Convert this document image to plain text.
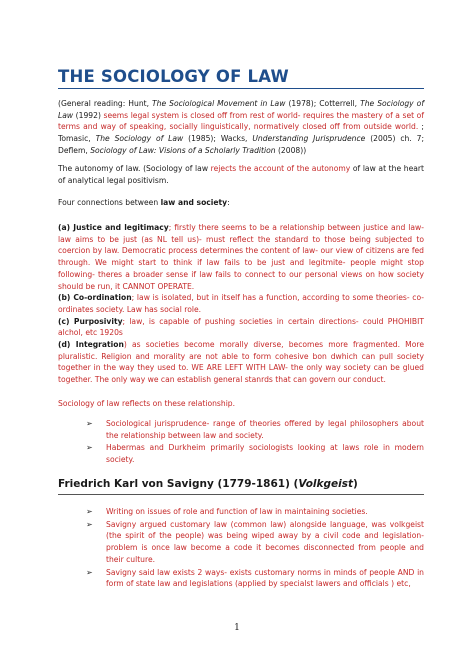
THE SOCIOLOGY OF LAW
(General reading: Hunt, The Sociological Movement in Law (1978); Cotterrell, The Sociology of Law (1992) seems legal system is closed off from rest of world- requires the mastery of a set of terms and way of speaking, socially linguistically, normatively closed off from outside world. ; Tomasic, The Sociology of Law (1985); Wacks, Understanding Jurisprudence (2005) ch. 7; Deflem, Sociology of Law: Visions of a Scholarly Tradition (2008))
The autonomy of law. (Sociology of law rejects the account of the autonomy of law at the heart of analytical legal positivism.
Four connections between law and society:
(a) Justice and legitimacy; firstly there seems to be a relationship between justice and law- law aims to be just (as NL tell us)- must reflect the standard to those being subjected to coercion by law. Democratic process determines the content of law- our view of citizens are fed through. We might start to think if law fails to be just and legitmite- people might stop following- theres a broader sense if law fails to connect to our personal views on how society should be run, it CANNOT OPERATE.
(b) Co-ordination; law is isolated, but in itself has a function, according to some theories- co-ordinates society. Law has social role.
(c) Purposivity; law, is capable of pushing societies in certain directions- could PHOHIBIT alchol, etc 1920s
(d) Integration) as societies become morally diverse, becomes more fragmented. More pluralistic. Religion and morality are not able to form cohesive bon dwhich can pull society together in the way they used to. WE ARE LEFT WITH LAW- the only way society can be glued together. The only way we can establish general stanrds that can govern our conduct.
Sociology of law reflects on these relationship.
➢ Sociological jurisprudence- range of theories offered by legal philosophers about the relationship between law and society.
➢ Habermas and Durkheim primarily sociologists looking at laws role in modern society.
Friedrich Karl von Savigny (1779-1861) (Volkgeist)
➢ Writing on issues of role and function of law in maintaining societies.
➢ Savigny argued customary law (common law) alongside language, was volkgeist (the spirit of the people) was being wiped away by a civil code and legislation- problem is once law become a code it becomes disconnected from people and their culture.
➢ Savigny said law exists 2 ways- exists customary norms in minds of people AND in form of state law and legislations (applied by specialst lawers and officials ) etc,
1
